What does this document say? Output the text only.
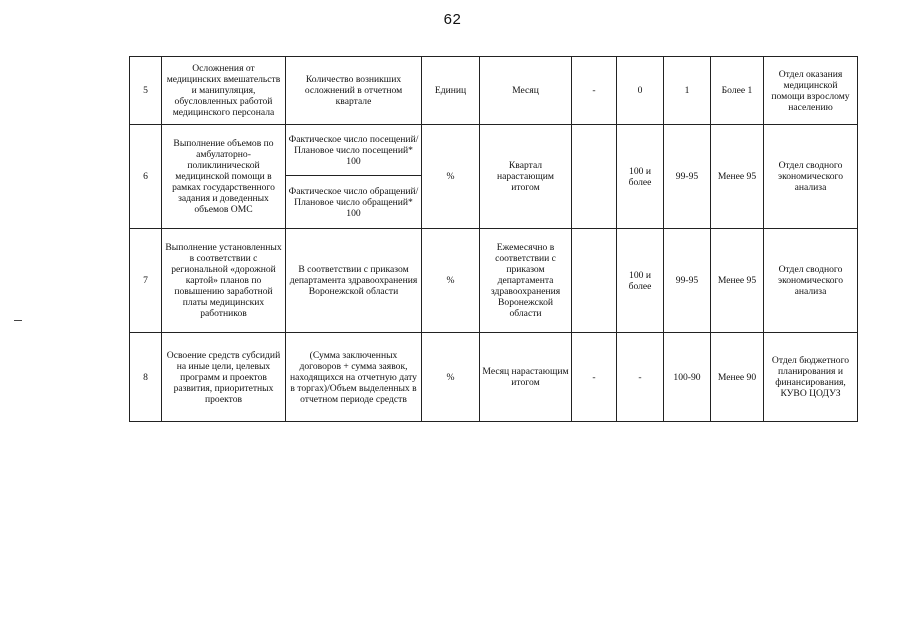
62
5	Осложнения от медицинских вмешательств и манипуляция, обусловленных работой медицинского персонала	Количество возникших осложнений в отчетном квартале	Единиц	Месяц	-	0	1	Более 1	Отдел оказания медицинской помощи взрослому населению
6	Выполнение объемов по амбулаторно-поликлинической медицинской помощи в рамках государственного задания и доведенных объемов ОМС	Фактическое число посещений/Плановое число посещений* 100	%	Квартал нарастающим итогом		100 и более	99-95	Менее 95	Отдел сводного экономического анализа
		Фактическое число обращений/Плановое число обращений* 100							
7	Выполнение установленных в соответствии с региональной «дорожной картой» планов по повышению заработной платы медицинских работников	В соответствии с приказом департамента здравоохранения Воронежской области	%	Ежемесячно в соответствии с приказом департамента здравоохранения Воронежской области		100 и более	99-95	Менее 95	Отдел сводного экономического анализа
8	Освоение средств субсидий на иные цели, целевых программ и проектов развития, приоритетных проектов	(Сумма заключенных договоров + сумма заявок, находящихся на отчетную дату в торгах)/Объем выделенных в отчетном периоде средств	%	Месяц нарастающим итогом	-	-	100-90	Менее 90	Отдел бюджетного планирования и финансирования, КУВО ЦОДУЗ
